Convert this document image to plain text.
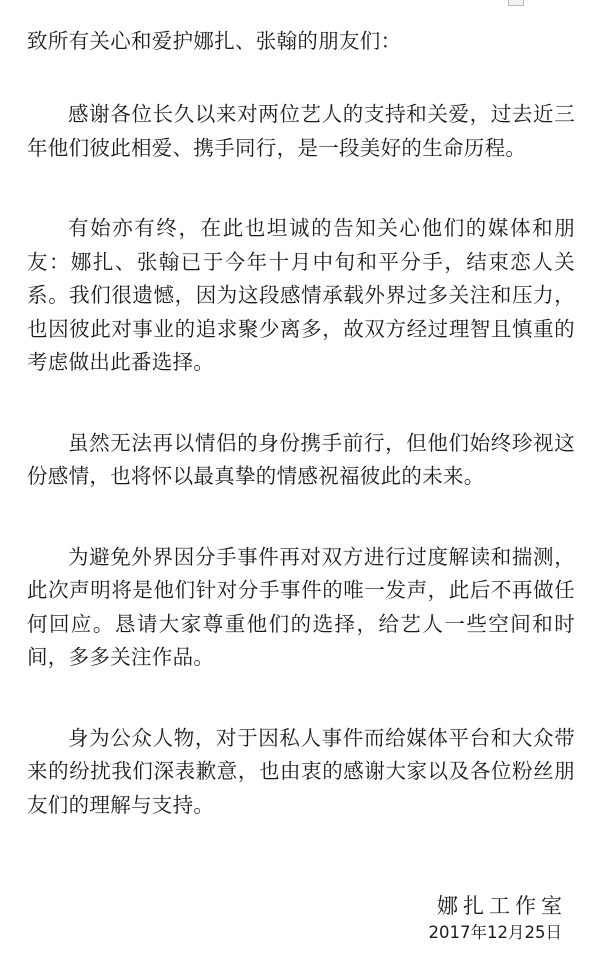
致所有关心和爱护娜扎、张翰的朋友们：

感谢各位长久以来对两位艺人的支持和关爱，过去近三年他们彼此相爱、携手同行，是一段美好的生命历程。

有始亦有终，在此也坦诚的告知关心他们的媒体和朋友：娜扎、张翰已于今年十月中旬和平分手，结束恋人关系。我们很遗憾，因为这段感情承载外界过多关注和压力，也因彼此对事业的追求聚少离多，故双方经过理智且慎重的考虑做出此番选择。

虽然无法再以情侣的身份携手前行，但他们始终珍视这份感情，也将怀以最真挚的情感祝福彼此的未来。

为避免外界因分手事件再对双方进行过度解读和揣测，此次声明将是他们针对分手事件的唯一发声，此后不再做任何回应。恳请大家尊重他们的选择，给艺人一些空间和时间，多多关注作品。

身为公众人物，对于因私人事件而给媒体平台和大众带来的纷扰我们深表歉意，也由衷的感谢大家以及各位粉丝朋友们的理解与支持。

娜扎工作室
2017年12月25日
